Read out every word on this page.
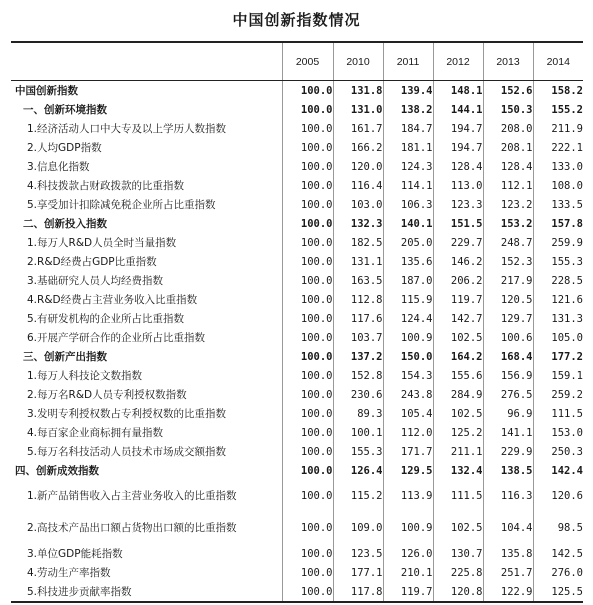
中国创新指数情况
	2005	2010	2011	2012	2013	2014
中国创新指数	100.0	131.8	139.4	148.1	152.6	158.2
一、创新环境指数	100.0	131.0	138.2	144.1	150.3	155.2
1.经济活动人口中大专及以上学历人数指数	100.0	161.7	184.7	194.7	208.0	211.9
2.人均GDP指数	100.0	166.2	181.1	194.7	208.1	222.1
3.信息化指数	100.0	120.0	124.3	128.4	128.4	133.0
4.科技拨款占财政拨款的比重指数	100.0	116.4	114.1	113.0	112.1	108.0
5.享受加计扣除减免税企业所占比重指数	100.0	103.0	106.3	123.3	123.2	133.5
二、创新投入指数	100.0	132.3	140.1	151.5	153.2	157.8
1.每万人R&D人员全时当量指数	100.0	182.5	205.0	229.7	248.7	259.9
2.R&D经费占GDP比重指数	100.0	131.1	135.6	146.2	152.3	155.3
3.基础研究人员人均经费指数	100.0	163.5	187.0	206.2	217.9	228.5
4.R&D经费占主营业务收入比重指数	100.0	112.8	115.9	119.7	120.5	121.6
5.有研发机构的企业所占比重指数	100.0	117.6	124.4	142.7	129.7	131.3
6.开展产学研合作的企业所占比重指数	100.0	103.7	100.9	102.5	100.6	105.0
三、创新产出指数	100.0	137.2	150.0	164.2	168.4	177.2
1.每万人科技论文数指数	100.0	152.8	154.3	155.6	156.9	159.1
2.每万名R&D人员专利授权数指数	100.0	230.6	243.8	284.9	276.5	259.2
3.发明专利授权数占专利授权数的比重指数	100.0	89.3	105.4	102.5	96.9	111.5
4.每百家企业商标拥有量指数	100.0	100.1	112.0	125.2	141.1	153.0
5.每万名科技活动人员技术市场成交额指数	100.0	155.3	171.7	211.1	229.9	250.3
四、创新成效指数	100.0	126.4	129.5	132.4	138.5	142.4
1.新产品销售收入占主营业务收入的比重指数	100.0	115.2	113.9	111.5	116.3	120.6
2.高技术产品出口额占货物出口额的比重指数	100.0	109.0	100.9	102.5	104.4	98.5
3.单位GDP能耗指数	100.0	123.5	126.0	130.7	135.8	142.5
4.劳动生产率指数	100.0	177.1	210.1	225.8	251.7	276.0
5.科技进步贡献率指数	100.0	117.8	119.7	120.8	122.9	125.5
